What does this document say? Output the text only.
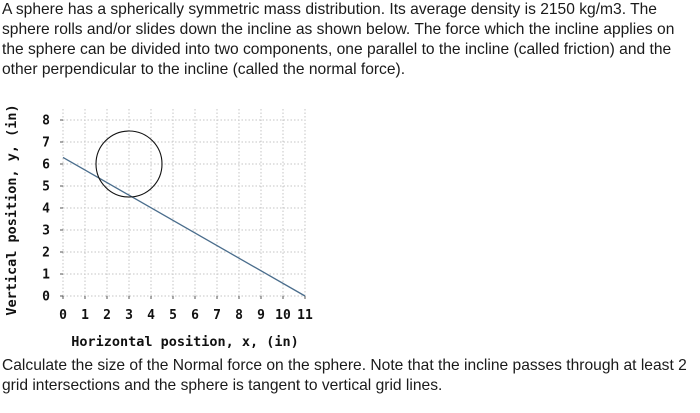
A sphere has a spherically symmetric mass distribution. Its average density is 2150 kg/m3. The sphere rolls and/or slides down the incline as shown below. The force which the incline applies on the sphere can be divided into two components, one parallel to the incline (called friction) and the other perpendicular to the incline (called the normal force).

0 1 2 3 4 5 6 7 8 9 10 11
0
1
2
3
4
5
6
7
8
Vertical position, y, (in)
Horizontal position, x, (in)

Calculate the size of the Normal force on the sphere. Note that the incline passes through at least 2 grid intersections and the sphere is tangent to vertical grid lines.
